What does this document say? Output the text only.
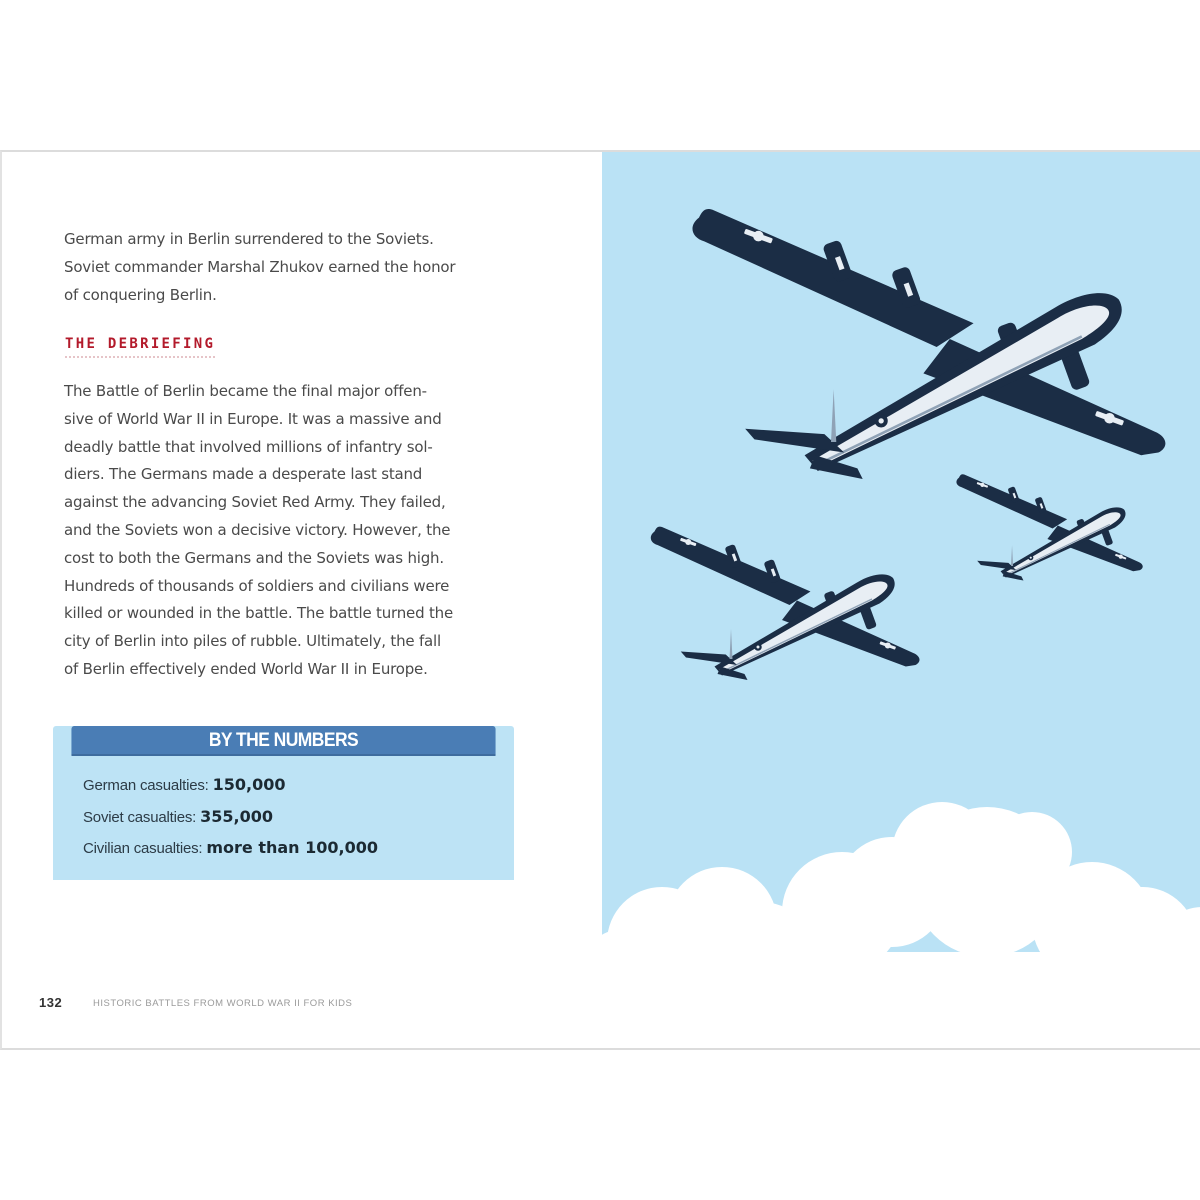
German army in Berlin surrendered to the Soviets.
Soviet commander Marshal Zhukov earned the honor
of conquering Berlin.
THE DEBRIEFING
The Battle of Berlin became the final major offen-
sive of World War II in Europe. It was a massive and
deadly battle that involved millions of infantry sol-
diers. The Germans made a desperate last stand
against the advancing Soviet Red Army. They failed,
and the Soviets won a decisive victory. However, the
cost to both the Germans and the Soviets was high.
Hundreds of thousands of soldiers and civilians were
killed or wounded in the battle. The battle turned the
city of Berlin into piles of rubble. Ultimately, the fall
of Berlin effectively ended World War II in Europe.
BY THE NUMBERS
German casualties: 150,000
Soviet casualties: 355,000
Civilian casualties: more than 100,000
132	HISTORIC BATTLES FROM WORLD WAR II FOR KIDS
